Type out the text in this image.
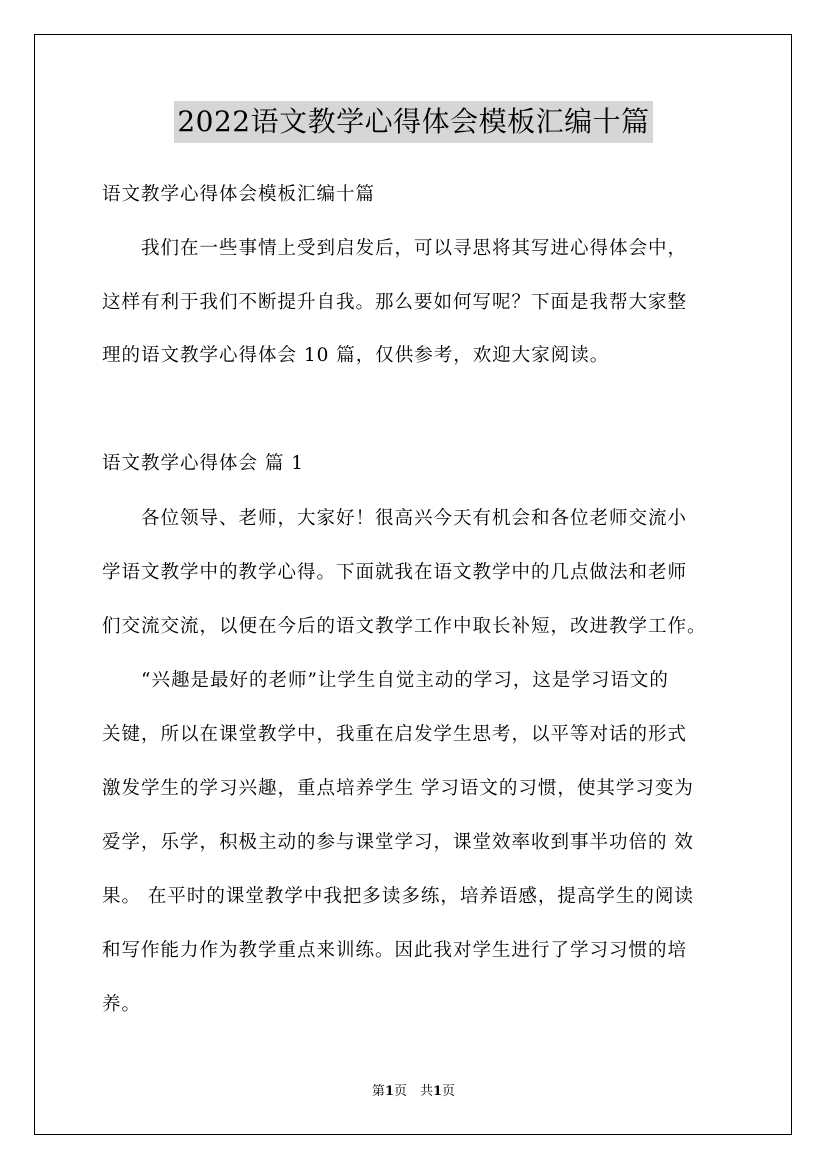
2022语文教学心得体会模板汇编十篇
语文教学心得体会模板汇编十篇
　　我们在一些事情上受到启发后，可以寻思将其写进心得体会中，
这样有利于我们不断提升自我。那么要如何写呢？下面是我帮大家整
理的语文教学心得体会 10 篇，仅供参考，欢迎大家阅读。
语文教学心得体会 篇 1
　　各位领导、老师，大家好！很高兴今天有机会和各位老师交流小
学语文教学中的教学心得。下面就我在语文教学中的几点做法和老师
们交流交流，以便在今后的语文教学工作中取长补短，改进教学工作。
　　“兴趣是最好的老师”让学生自觉主动的学习，这是学习语文的
关键，所以在课堂教学中，我重在启发学生思考，以平等对话的形式
激发学生的学习兴趣，重点培养学生 学习语文的习惯，使其学习变为
爱学，乐学，积极主动的参与课堂学习，课堂效率收到事半功倍的 效
果。 在平时的课堂教学中我把多读多练，培养语感，提高学生的阅读
和写作能力作为教学重点来训练。因此我对学生进行了学习习惯的培
养。
第1页　共1页
